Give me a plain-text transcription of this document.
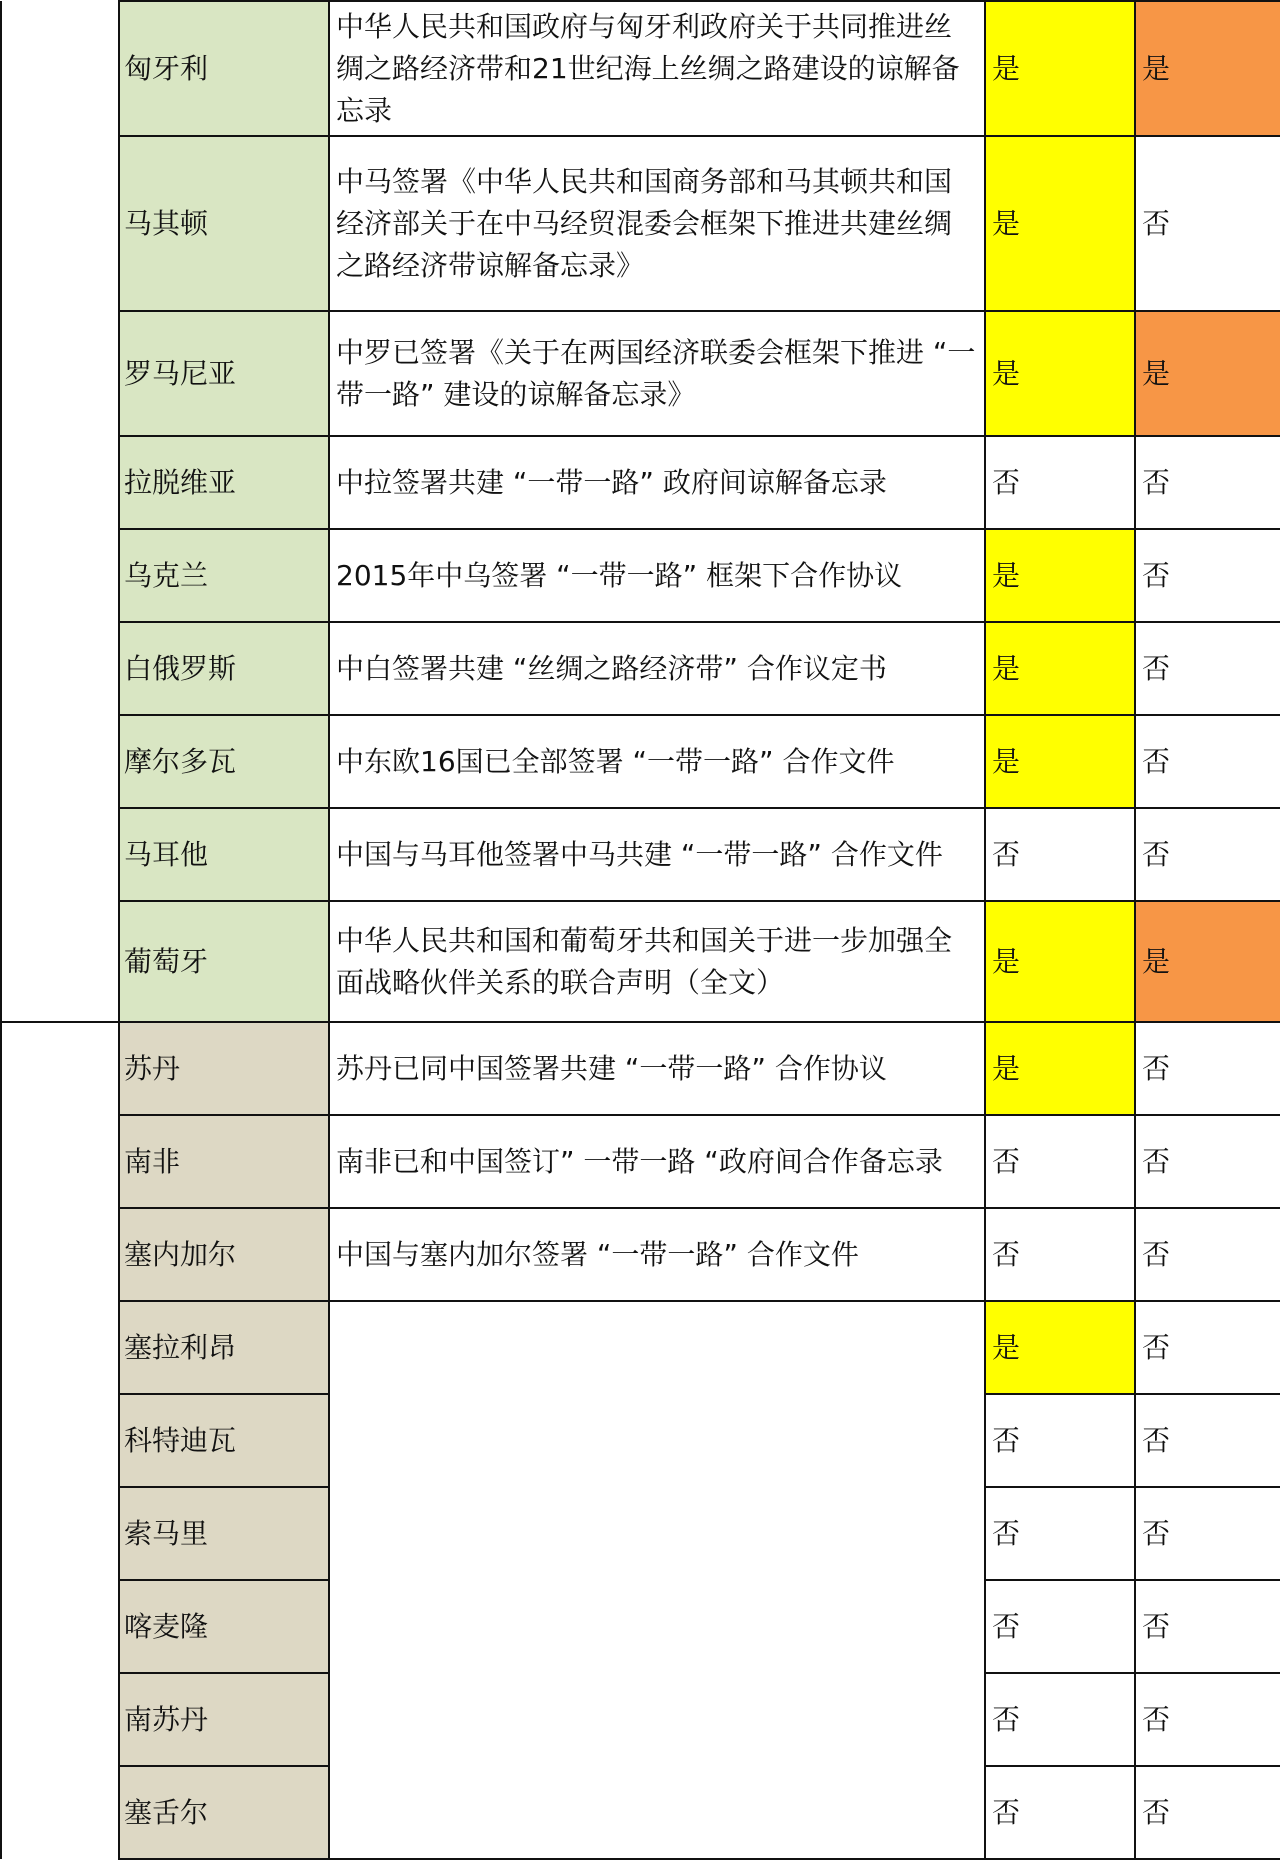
	匈牙利	中华人民共和国政府与匈牙利政府关于共同推进丝绸之路经济带和21世纪海上丝绸之路建设的谅解备忘录	是	是
	马其顿	中马签署《中华人民共和国商务部和马其顿共和国经济部关于在中马经贸混委会框架下推进共建丝绸之路经济带谅解备忘录》	是	否
	罗马尼亚	中罗已签署《关于在两国经济联委会框架下推进 “一带一路” 建设的谅解备忘录》	是	是
	拉脱维亚	中拉签署共建 “一带一路” 政府间谅解备忘录	否	否
	乌克兰	2015年中乌签署 “一带一路” 框架下合作协议	是	否
	白俄罗斯	中白签署共建 “丝绸之路经济带” 合作议定书	是	否
	摩尔多瓦	中东欧16国已全部签署 “一带一路” 合作文件	是	否
	马耳他	中国与马耳他签署中马共建 “一带一路” 合作文件	否	否
	葡萄牙	中华人民共和国和葡萄牙共和国关于进一步加强全面战略伙伴关系的联合声明（全文）	是	是
	苏丹	苏丹已同中国签署共建 “一带一路” 合作协议	是	否
	南非	南非已和中国签订” 一带一路 “政府间合作备忘录	否	否
	塞内加尔	中国与塞内加尔签署 “一带一路” 合作文件	否	否
	塞拉利昂		是	否
	科特迪瓦		否	否
	索马里		否	否
	喀麦隆		否	否
	南苏丹		否	否
	塞舌尔		否	否
